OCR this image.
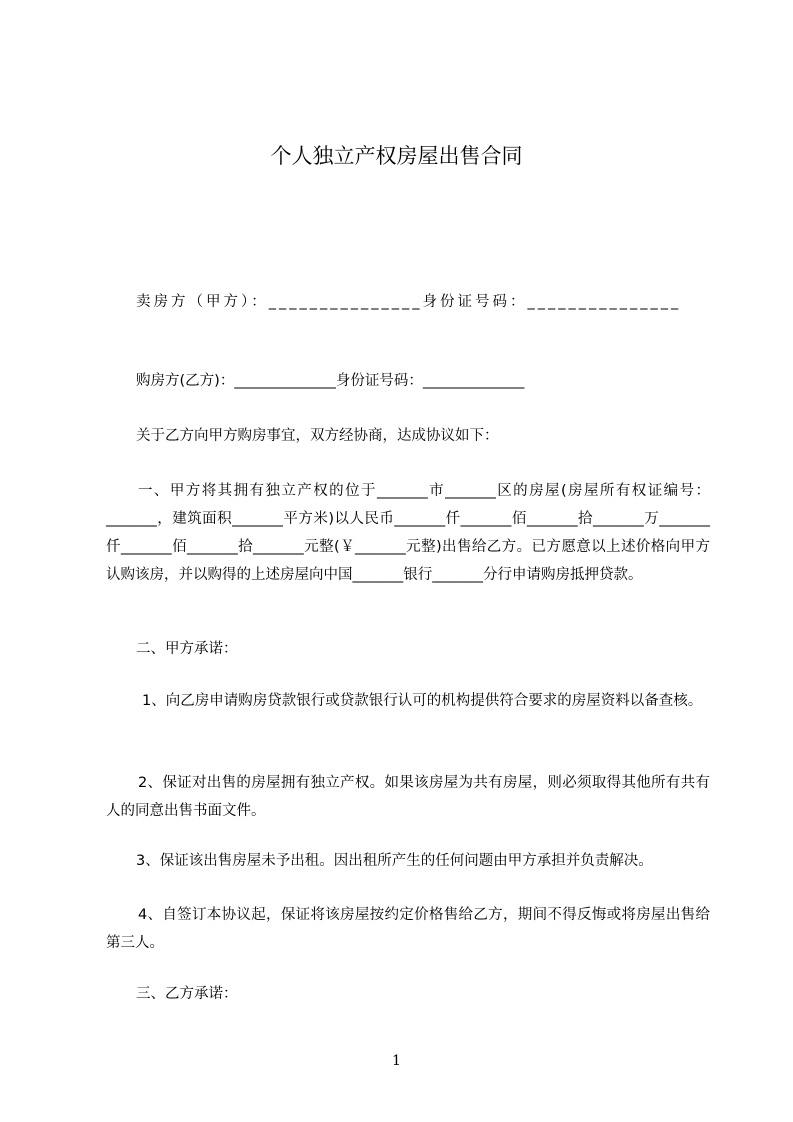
个人独立产权房屋出售合同
卖房方（甲方）：_______________身份证号码：_______________
购房方(乙方)：______________身份证号码：______________
关于乙方向甲方购房事宜，双方经协商，达成协议如下：

一、甲方将其拥有独立产权的位于_______市_______区的房屋(房屋所有权证编号：_______，建筑面积_______平方米)以人民币_______仟_______佰_______拾_______万_______仟_______佰_______拾_______元整(￥_______元整)出售给乙方。已方愿意以上述价格向甲方认购该房，并以购得的上述房屋向中国_______银行_______分行申请购房抵押贷款。

二、甲方承诺：

1、向乙房申请购房贷款银行或贷款银行认可的机构提供符合要求的房屋资料以备查核。

2、保证对出售的房屋拥有独立产权。如果该房屋为共有房屋，则必须取得其他所有共有人的同意出售书面文件。

3、保证该出售房屋未予出租。因出租所产生的任何问题由甲方承担并负责解决。

4、自签订本协议起，保证将该房屋按约定价格售给乙方，期间不得反悔或将房屋出售给第三人。

三、乙方承诺：
1
